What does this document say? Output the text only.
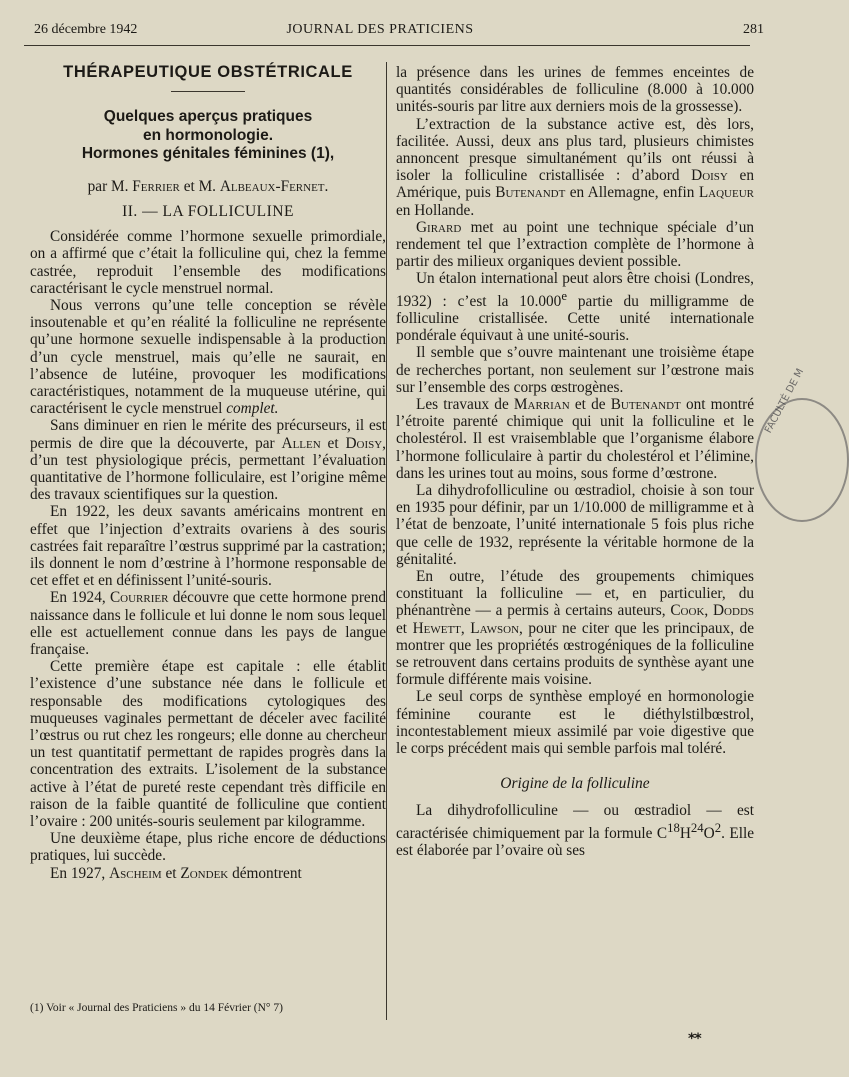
26 décembre 1942	JOURNAL DES PRATICIENS	281

THÉRAPEUTIQUE OBSTÉTRICALE

Quelques aperçus pratiques
en hormonologie.
Hormones génitales féminines (1),
par M. Ferrier et M. Albeaux-Fernet.
II. — LA FOLLICULINE

Considérée comme l’hormone sexuelle primordiale, on a affirmé que c’était la folliculine qui, chez la femme castrée, reproduit l’ensemble des modifications caractérisant le cycle menstruel normal.

Nous verrons qu’une telle conception se révèle insoutenable et qu’en réalité la folliculine ne représente qu’une hormone sexuelle indispensable à la production d’un cycle menstruel, mais qu’elle ne saurait, en l’absence de lutéine, provoquer les modifications caractéristiques, notamment de la muqueuse utérine, qui caractérisent le cycle menstruel complet.

Sans diminuer en rien le mérite des précurseurs, il est permis de dire que la découverte, par Allen et Doisy, d’un test physiologique précis, permettant l’évaluation quantitative de l’hormone folliculaire, est l’origine même des travaux scientifiques sur la question.

En 1922, les deux savants américains montrent en effet que l’injection d’extraits ovariens à des souris castrées fait reparaître l’œstrus supprimé par la castration; ils donnent le nom d’œstrine à l’hormone responsable de cet effet et en définissent l’unité-souris.

En 1924, Courrier découvre que cette hormone prend naissance dans le follicule et lui donne le nom sous lequel elle est actuellement connue dans les pays de langue française.

Cette première étape est capitale : elle établit l’existence d’une substance née dans le follicule et responsable des modifications cytologiques des muqueuses vaginales permettant de déceler avec facilité l’œstrus ou rut chez les rongeurs; elle donne au chercheur un test quantitatif permettant de rapides progrès dans la concentration des extraits. L’isolement de la substance active à l’état de pureté reste cependant très difficile en raison de la faible quantité de folliculine que contient l’ovaire : 200 unités-souris seulement par kilogramme.

Une deuxième étape, plus riche encore de déductions pratiques, lui succède.

En 1927, Ascheim et Zondek démontrent

(1) Voir « Journal des Praticiens » du 14 Février (N° 7)

la présence dans les urines de femmes enceintes de quantités considérables de folliculine (8.000 à 10.000 unités-souris par litre aux derniers mois de la grossesse).

L’extraction de la substance active est, dès lors, facilitée. Aussi, deux ans plus tard, plusieurs chimistes annoncent presque simultanément qu’ils ont réussi à isoler la folliculine cristallisée : d’abord Doisy en Amérique, puis Butenandt en Allemagne, enfin Laqueur en Hollande.

Girard met au point une technique spéciale d’un rendement tel que l’extraction complète de l’hormone à partir des milieux organiques devient possible.

Un étalon international peut alors être choisi (Londres, 1932) : c’est la 10.000e partie du milligramme de folliculine cristallisée. Cette unité internationale pondérale équivaut à une unité-souris.

Il semble que s’ouvre maintenant une troisième étape de recherches portant, non seulement sur l’œstrone mais sur l’ensemble des corps œstrogènes.

Les travaux de Marrian et de Butenandt ont montré l’étroite parenté chimique qui unit la folliculine et le cholestérol. Il est vraisemblable que l’organisme élabore l’hormone folliculaire à partir du cholestérol et l’élimine, dans les urines tout au moins, sous forme d’œstrone.

La dihydrofolliculine ou œstradiol, choisie à son tour en 1935 pour définir, par un 1/10.000 de milligramme et à l’état de benzoate, l’unité internationale 5 fois plus riche que celle de 1932, représente la véritable hormone de la génitalité.

En outre, l’étude des groupements chimiques constituant la folliculine — et, en particulier, du phénantrène — a permis à certains auteurs, Cook, Dodds et Hewett, Lawson, pour ne citer que les principaux, de montrer que les propriétés œstrogéniques de la folliculine se retrouvent dans certains produits de synthèse ayant une formule différente mais voisine.

Le seul corps de synthèse employé en hormonologie féminine courante est le diéthylstilbœstrol, incontestablement mieux assimilé par voie digestive que le corps précédent mais qui semble parfois mal toléré.

Origine de la folliculine

La dihydrofolliculine — ou œstradiol — est caractérisée chimiquement par la formule $C^{18}H^{24}O^2$. Elle est élaborée par l’ovaire où ses

FACULTÉ DE M
**
